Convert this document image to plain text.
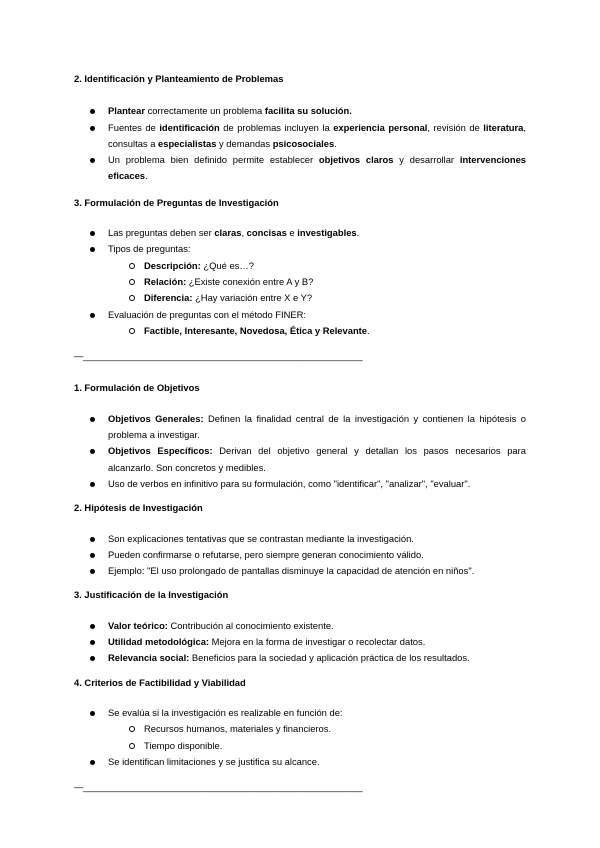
2. Identificación y Planteamiento de Problemas

Plantear correctamente un problema facilita su solución.
Fuentes de identificación de problemas incluyen la experiencia personal, revisión de literatura, consultas a especialistas y demandas psicosociales.
Un problema bien definido permite establecer objetivos claros y desarrollar intervenciones eficaces.

3. Formulación de Preguntas de Investigación

Las preguntas deben ser claras, concisas e investigables.
Tipos de preguntas:
Descripción: ¿Qué es…?
Relación: ¿Existe conexión entre A y B?
Diferencia: ¿Hay variación entre X e Y?
Evaluación de preguntas con el método FINER:
Factible, Interesante, Novedosa, Ética y Relevante.
—__________________________________________________________

1. Formulación de Objetivos

Objetivos Generales: Definen la finalidad central de la investigación y contienen la hipótesis o problema a investigar.
Objetivos Específicos: Derivan del objetivo general y detallan los pasos necesarios para alcanzarlo. Son concretos y medibles.
Uso de verbos en infinitivo para su formulación, como "identificar", "analizar", "evaluar".

2. Hipótesis de Investigación

Son explicaciones tentativas que se contrastan mediante la investigación.
Pueden confirmarse o refutarse, pero siempre generan conocimiento válido.
Ejemplo: "El uso prolongado de pantallas disminuye la capacidad de atención en niños".

3. Justificación de la Investigación

Valor teórico: Contribución al conocimiento existente.
Utilidad metodológica: Mejora en la forma de investigar o recolectar datos.
Relevancia social: Beneficios para la sociedad y aplicación práctica de los resultados.

4. Criterios de Factibilidad y Viabilidad

Se evalúa si la investigación es realizable en función de:
Recursos humanos, materiales y financieros.
Tiempo disponible.
Se identifican limitaciones y se justifica su alcance.
—__________________________________________________________
